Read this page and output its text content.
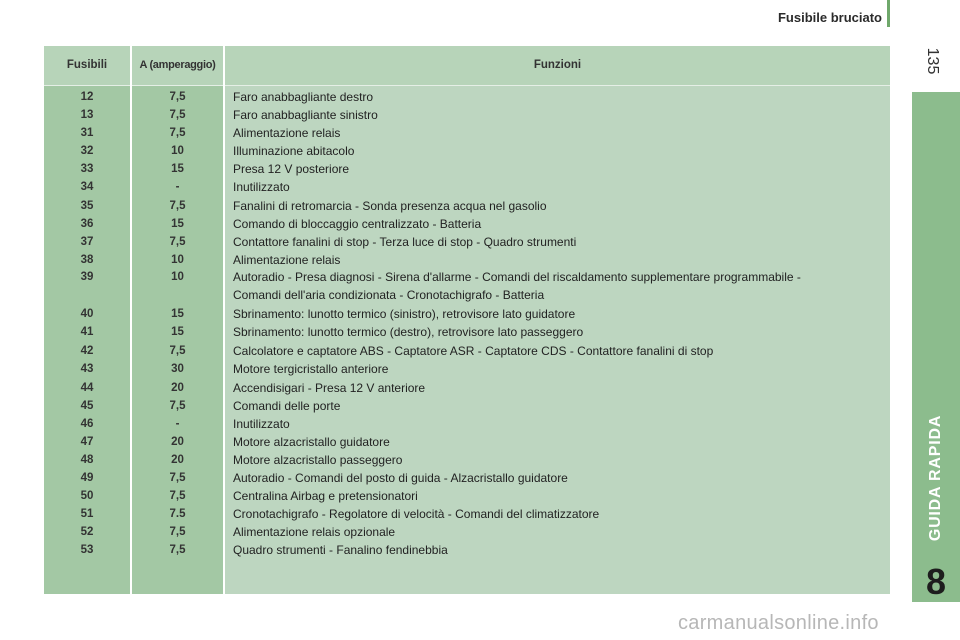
Fusibile bruciato
135
GUIDA RAPIDA
8
Fusibili	A (amperaggio)	Funzioni
12	7,5	Faro anabbagliante destro
13	7,5	Faro anabbagliante sinistro
31	7,5	Alimentazione relais
32	10	Illuminazione abitacolo
33	15	Presa 12 V posteriore
34	-	Inutilizzato
35	7,5	Fanalini di retromarcia - Sonda presenza acqua nel gasolio
36	15	Comando di bloccaggio centralizzato - Batteria
37	7,5	Contattore fanalini di stop - Terza luce di stop - Quadro strumenti
38	10	Alimentazione relais
39	10	Autoradio - Presa diagnosi - Sirena d'allarme - Comandi del riscaldamento supplementare programmabile -
Comandi dell'aria condizionata - Cronotachigrafo - Batteria
40	15	Sbrinamento: lunotto termico (sinistro), retrovisore lato guidatore
41	15	Sbrinamento: lunotto termico (destro), retrovisore lato passeggero
42	7,5	Calcolatore e captatore ABS - Captatore ASR - Captatore CDS - Contattore fanalini di stop
43	30	Motore tergicristallo anteriore
44	20	Accendisigari - Presa 12 V anteriore
45	7,5	Comandi delle porte
46	-	Inutilizzato
47	20	Motore alzacristallo guidatore
48	20	Motore alzacristallo passeggero
49	7,5	Autoradio - Comandi del posto di guida - Alzacristallo guidatore
50	7,5	Centralina Airbag e pretensionatori
51	7.5	Cronotachigrafo - Regolatore di velocità - Comandi del climatizzatore
52	7,5	Alimentazione relais opzionale
53	7,5	Quadro strumenti - Fanalino fendinebbia
carmanualsonline.info
